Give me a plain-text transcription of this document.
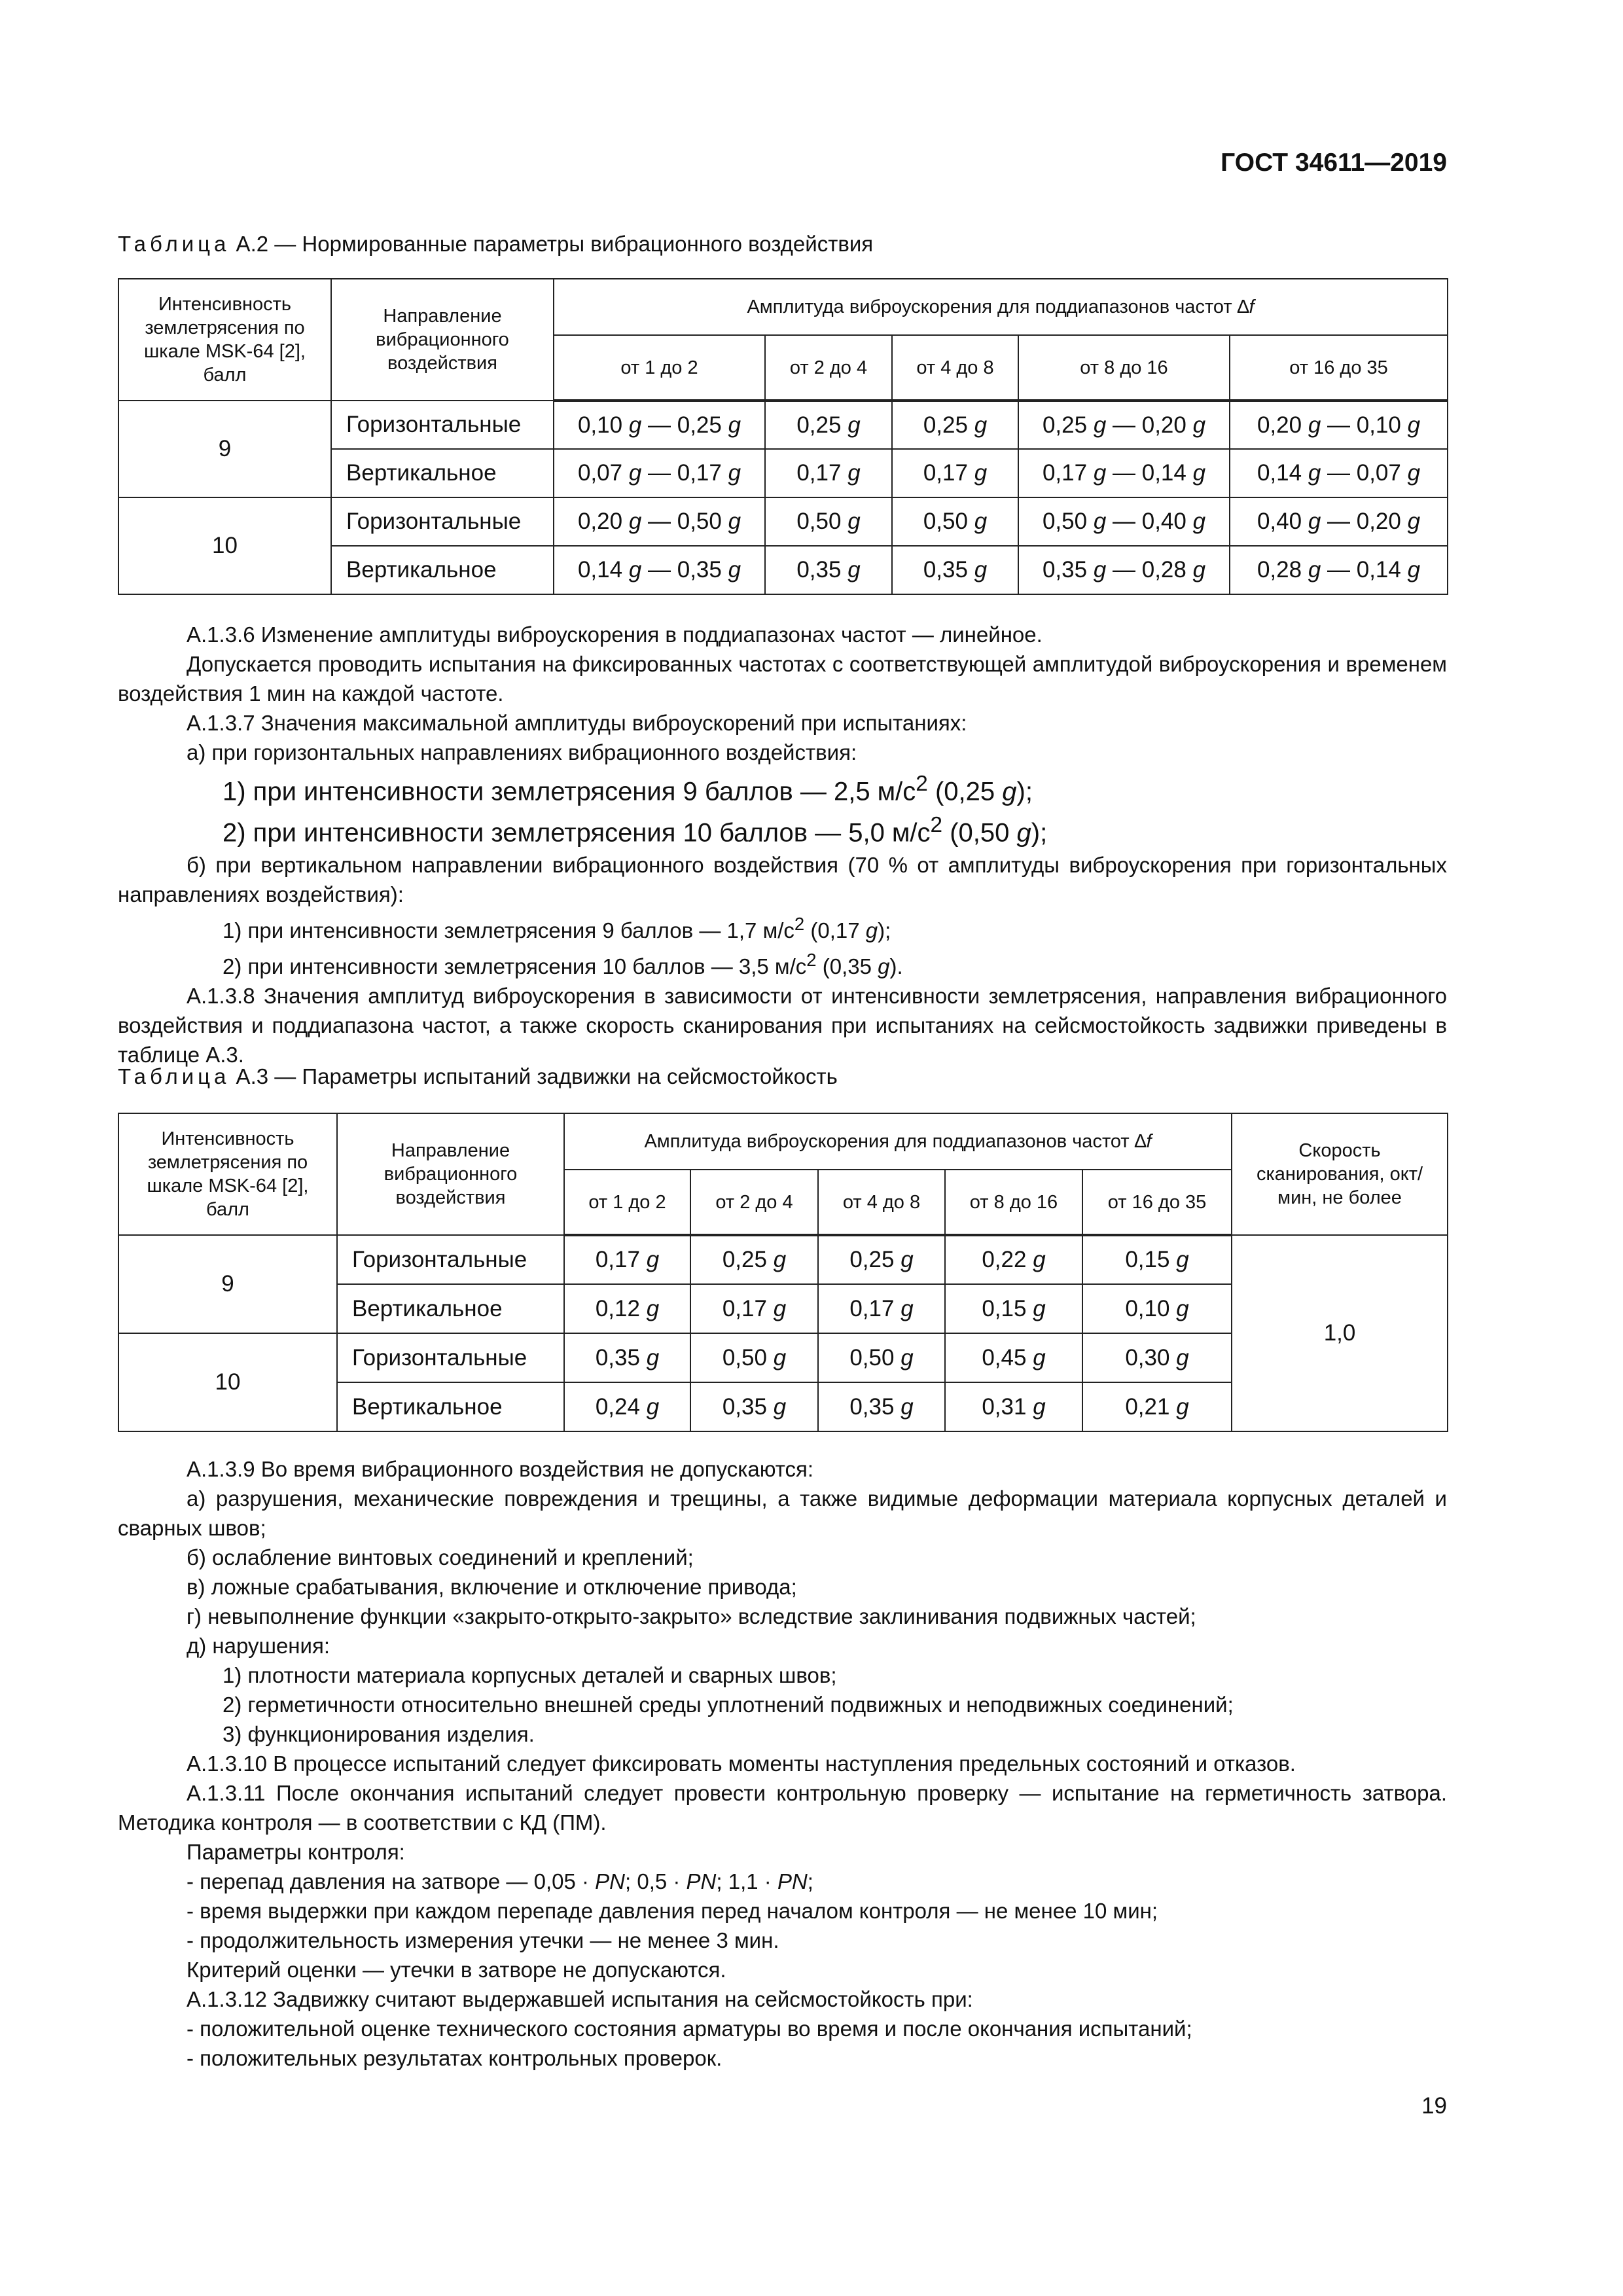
ГОСТ 34611—2019
Таблица А.2 — Нормированные параметры вибрационного воздействия
Интенсивность землетрясения по шкале MSK-64 [2], балл	Направление вибрационного воздействия	Амплитуда виброускорения для поддиапазонов частот ∆f				
		от 1 до 2	от 2 до 4	от 4 до 8	от 8 до 16	от 16 до 35
9	Горизонтальные	0,10 g — 0,25 g	0,25 g	0,25 g	0,25 g — 0,20 g	0,20 g — 0,10 g
	Вертикальное	0,07 g — 0,17 g	0,17 g	0,17 g	0,17 g — 0,14 g	0,14 g — 0,07 g
10	Горизонтальные	0,20 g — 0,50 g	0,50 g	0,50 g	0,50 g — 0,40 g	0,40 g — 0,20 g
	Вертикальное	0,14 g — 0,35 g	0,35 g	0,35 g	0,35 g — 0,28 g	0,28 g — 0,14 g

А.1.3.6 Изменение амплитуды виброускорения в поддиапазонах частот — линейное.

Допускается проводить испытания на фиксированных частотах с соответствующей амплитудой виброускорения и временем воздействия 1 мин на каждой частоте.

А.1.3.7 Значения максимальной амплитуды виброускорений при испытаниях:

а) при горизонтальных направлениях вибрационного воздействия:

1) при интенсивности землетрясения 9 баллов — 2,5 $м/с^2$ (0,25 g);

2) при интенсивности землетрясения 10 баллов — 5,0 $м/с^2$ (0,50 g);

б) при вертикальном направлении вибрационного воздействия (70 % от амплитуды виброускорения при горизонтальных направлениях воздействия):

1) при интенсивности землетрясения 9 баллов — 1,7 $м/с^2$ (0,17 g);

2) при интенсивности землетрясения 10 баллов — 3,5 $м/с^2$ (0,35 g).

А.1.3.8 Значения амплитуд виброускорения в зависимости от интенсивности землетрясения, направления вибрационного воздействия и поддиапазона частот, а также скорость сканирования при испытаниях на сейсмостойкость задвижки приведены в таблице А.3.

Таблица А.3 — Параметры испытаний задвижки на сейсмостойкость
Интенсивность землетрясения по шкале MSK-64 [2], балл	Направление вибрационного воздействия	Амплитуда виброускорения для поддиапазонов частот ∆f					Скорость сканирования, окт/мин, не более
		от 1 до 2	от 2 до 4	от 4 до 8	от 8 до 16	от 16 до 35	
9	Горизонтальные	0,17 g	0,25 g	0,25 g	0,22 g	0,15 g	1,0
	Вертикальное	0,12 g	0,17 g	0,17 g	0,15 g	0,10 g	
10	Горизонтальные	0,35 g	0,50 g	0,50 g	0,45 g	0,30 g	
	Вертикальное	0,24 g	0,35 g	0,35 g	0,31 g	0,21 g	

А.1.3.9 Во время вибрационного воздействия не допускаются:

а) разрушения, механические повреждения и трещины, а также видимые деформации материала корпусных деталей и сварных швов;

б) ослабление винтовых соединений и креплений;

в) ложные срабатывания, включение и отключение привода;

г) невыполнение функции «закрыто-открыто-закрыто» вследствие заклинивания подвижных частей;

д) нарушения:

1) плотности материала корпусных деталей и сварных швов;

2) герметичности относительно внешней среды уплотнений подвижных и неподвижных соединений;

3) функционирования изделия.

А.1.3.10 В процессе испытаний следует фиксировать моменты наступления предельных состояний и отказов.

А.1.3.11 После окончания испытаний следует провести контрольную проверку — испытание на герметичность затвора. Методика контроля — в соответствии с КД (ПМ).

Параметры контроля:

- перепад давления на затворе — 0,05 · PN; 0,5 · PN; 1,1 · PN;

- время выдержки при каждом перепаде давления перед началом контроля — не менее 10 мин;

- продолжительность измерения утечки — не менее 3 мин.

Критерий оценки — утечки в затворе не допускаются.

А.1.3.12 Задвижку считают выдержавшей испытания на сейсмостойкость при:

- положительной оценке технического состояния арматуры во время и после окончания испытаний;

- положительных результатах контрольных проверок.

19
